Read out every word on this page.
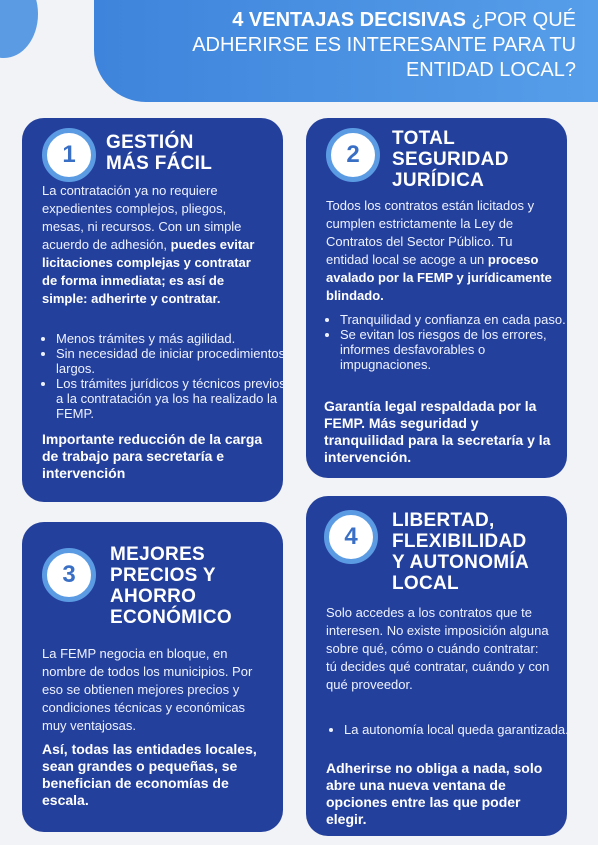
4 VENTAJAS DECISIVAS ¿POR QUÉ ADHERIRSE ES INTERESANTE PARA TU ENTIDAD LOCAL?
1	GESTIÓN
MÁS FÁCIL
La contratación ya no requiere expedientes complejos, pliegos, mesas, ni recursos. Con un simple acuerdo de adhesión, puedes evitar licitaciones complejas y contratar de forma inmediata; es así de simple: adherirte y contratar.
• Menos trámites y más agilidad.
• Sin necesidad de iniciar procedimientos largos.
• Los trámites jurídicos y técnicos previos a la contratación ya los ha realizado la FEMP.
Importante reducción de la carga de trabajo para secretaría e intervención
2
TOTAL
SEGURIDAD
JURÍDICA
Todos los contratos están licitados y cumplen estrictamente la Ley de Contratos del Sector Público. Tu entidad local se acoge a un proceso avalado por la FEMP y jurídicamente blindado.
• Tranquilidad y confianza en cada paso.
• Se evitan los riesgos de los errores, informes desfavorables o impugnaciones.
Garantía legal respaldada por la FEMP. Más seguridad y tranquilidad para la secretaría y la intervención.
3
MEJORES
PRECIOS Y
AHORRO
ECONÓMICO
La FEMP negocia en bloque, en nombre de todos los municipios. Por eso se obtienen mejores precios y condiciones técnicas y económicas muy ventajosas.
Así, todas las entidades locales, sean grandes o pequeñas, se benefician de economías de escala.
4
LIBERTAD,
FLEXIBILIDAD
Y AUTONOMÍA
LOCAL
Solo accedes a los contratos que te interesen. No existe imposición alguna sobre qué, cómo o cuándo contratar: tú decides qué contratar, cuándo y con qué proveedor.
• La autonomía local queda garantizada.
Adherirse no obliga a nada, solo abre una nueva ventana de opciones entre las que poder elegir.
